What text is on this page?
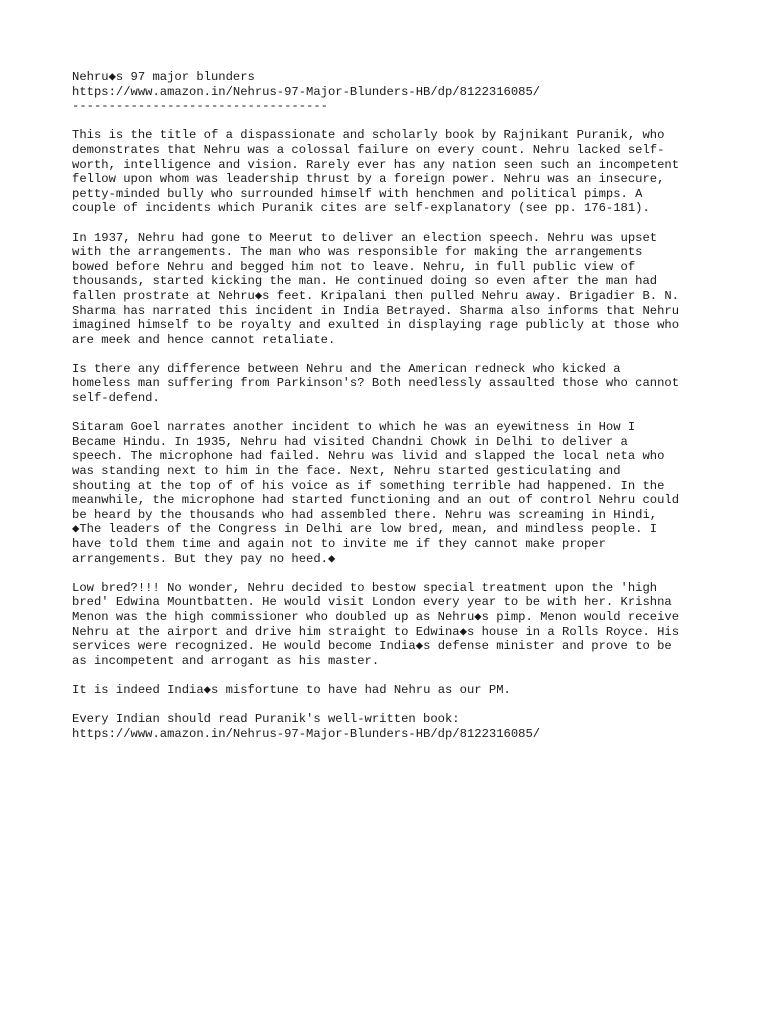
Nehru◆s 97 major blunders
https://www.amazon.in/Nehrus-97-Major-Blunders-HB/dp/8122316085/
-----------------------------------
This is the title of a dispassionate and scholarly book by Rajnikant Puranik, who
demonstrates that Nehru was a colossal failure on every count. Nehru lacked self-
worth, intelligence and vision. Rarely ever has any nation seen such an incompetent
fellow upon whom was leadership thrust by a foreign power. Nehru was an insecure,
petty-minded bully who surrounded himself with henchmen and political pimps. A
couple of incidents which Puranik cites are self-explanatory (see pp. 176-181).
In 1937, Nehru had gone to Meerut to deliver an election speech. Nehru was upset
with the arrangements. The man who was responsible for making the arrangements
bowed before Nehru and begged him not to leave. Nehru, in full public view of
thousands, started kicking the man. He continued doing so even after the man had
fallen prostrate at Nehru◆s feet. Kripalani then pulled Nehru away. Brigadier B. N.
Sharma has narrated this incident in India Betrayed. Sharma also informs that Nehru
imagined himself to be royalty and exulted in displaying rage publicly at those who
are meek and hence cannot retaliate.
Is there any difference between Nehru and the American redneck who kicked a
homeless man suffering from Parkinson's? Both needlessly assaulted those who cannot
self-defend.
Sitaram Goel narrates another incident to which he was an eyewitness in How I
Became Hindu. In 1935, Nehru had visited Chandni Chowk in Delhi to deliver a
speech. The microphone had failed. Nehru was livid and slapped the local neta who
was standing next to him in the face. Next, Nehru started gesticulating and
shouting at the top of of his voice as if something terrible had happened. In the
meanwhile, the microphone had started functioning and an out of control Nehru could
be heard by the thousands who had assembled there. Nehru was screaming in Hindi,
◆The leaders of the Congress in Delhi are low bred, mean, and mindless people. I
have told them time and again not to invite me if they cannot make proper
arrangements. But they pay no heed.◆
Low bred?!!! No wonder, Nehru decided to bestow special treatment upon the 'high
bred' Edwina Mountbatten. He would visit London every year to be with her. Krishna
Menon was the high commissioner who doubled up as Nehru◆s pimp. Menon would receive
Nehru at the airport and drive him straight to Edwina◆s house in a Rolls Royce. His
services were recognized. He would become India◆s defense minister and prove to be
as incompetent and arrogant as his master.
It is indeed India◆s misfortune to have had Nehru as our PM.
Every Indian should read Puranik's well-written book:
https://www.amazon.in/Nehrus-97-Major-Blunders-HB/dp/8122316085/
